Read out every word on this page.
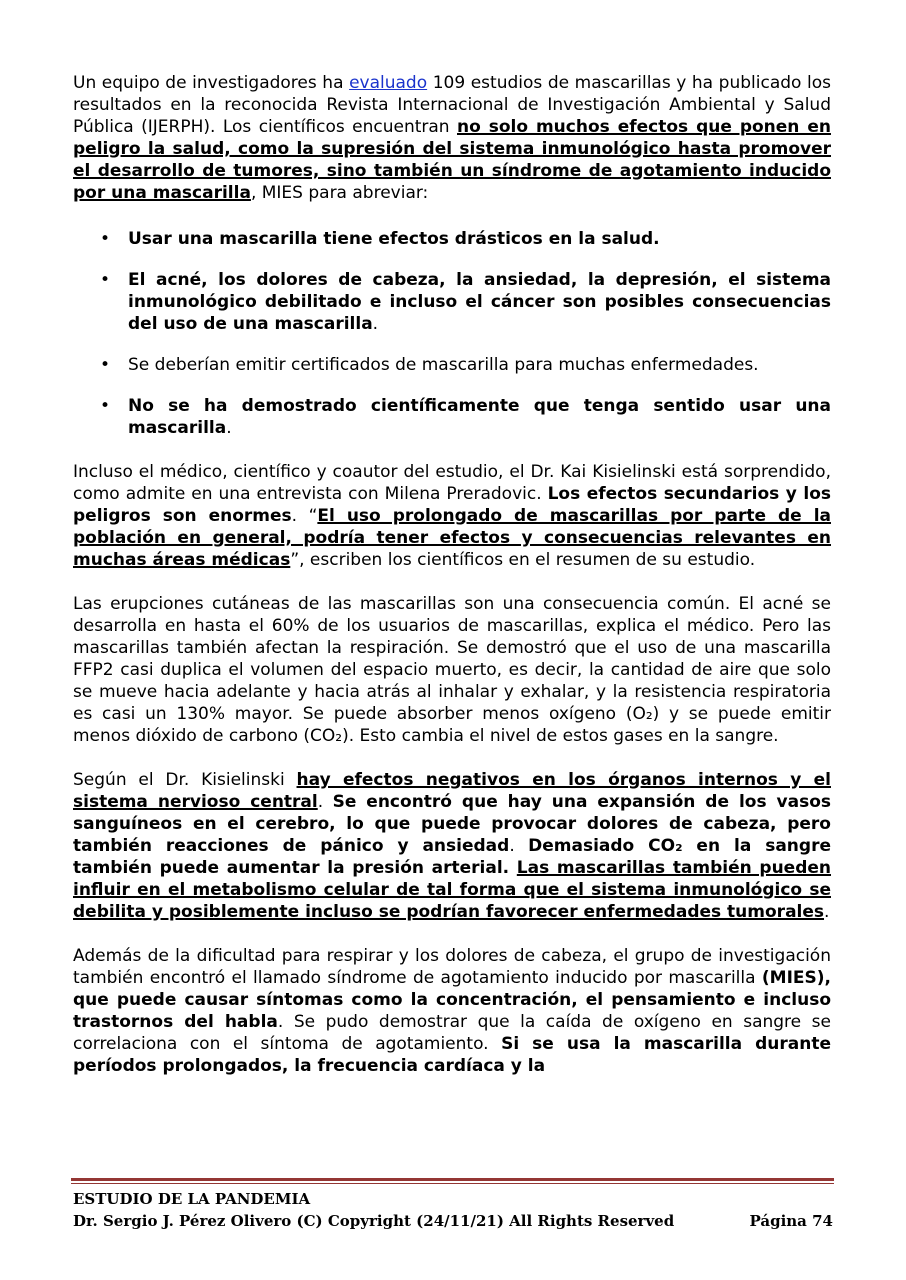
Un equipo de investigadores ha evaluado 109 estudios de mascarillas y ha publicado los resultados en la reconocida Revista Internacional de Investigación Ambiental y Salud Pública (IJERPH). Los científicos encuentran no solo muchos efectos que ponen en peligro la salud, como la supresión del sistema inmunológico hasta promover el desarrollo de tumores, sino también un síndrome de agotamiento inducido por una mascarilla, MIES para abreviar:

• Usar una mascarilla tiene efectos drásticos en la salud.
• El acné, los dolores de cabeza, la ansiedad, la depresión, el sistema inmunológico debilitado e incluso el cáncer son posibles consecuencias del uso de una mascarilla.
• Se deberían emitir certificados de mascarilla para muchas enfermedades.
• No se ha demostrado científicamente que tenga sentido usar una mascarilla.

Incluso el médico, científico y coautor del estudio, el Dr. Kai Kisielinski está sorprendido, como admite en una entrevista con Milena Preradovic. Los efectos secundarios y los peligros son enormes. “El uso prolongado de mascarillas por parte de la población en general, podría tener efectos y consecuencias relevantes en muchas áreas médicas”, escriben los científicos en el resumen de su estudio.

Las erupciones cutáneas de las mascarillas son una consecuencia común. El acné se desarrolla en hasta el 60% de los usuarios de mascarillas, explica el médico. Pero las mascarillas también afectan la respiración. Se demostró que el uso de una mascarilla FFP2 casi duplica el volumen del espacio muerto, es decir, la cantidad de aire que solo se mueve hacia adelante y hacia atrás al inhalar y exhalar, y la resistencia respiratoria es casi un 130% mayor. Se puede absorber menos oxígeno (O₂) y se puede emitir menos dióxido de carbono (CO₂). Esto cambia el nivel de estos gases en la sangre.

Según el Dr. Kisielinski hay efectos negativos en los órganos internos y el sistema nervioso central. Se encontró que hay una expansión de los vasos sanguíneos en el cerebro, lo que puede provocar dolores de cabeza, pero también reacciones de pánico y ansiedad. Demasiado CO₂ en la sangre también puede aumentar la presión arterial. Las mascarillas también pueden influir en el metabolismo celular de tal forma que el sistema inmunológico se debilita y posiblemente incluso se podrían favorecer enfermedades tumorales.

Además de la dificultad para respirar y los dolores de cabeza, el grupo de investigación también encontró el llamado síndrome de agotamiento inducido por mascarilla (MIES), que puede causar síntomas como la concentración, el pensamiento e incluso trastornos del habla. Se pudo demostrar que la caída de oxígeno en sangre se correlaciona con el síntoma de agotamiento. Si se usa la mascarilla durante períodos prolongados, la frecuencia cardíaca y la

ESTUDIO DE LA PANDEMIA
Dr. Sergio J. Pérez Olivero (C) Copyright (24/11/21) All Rights Reserved	Página 74
